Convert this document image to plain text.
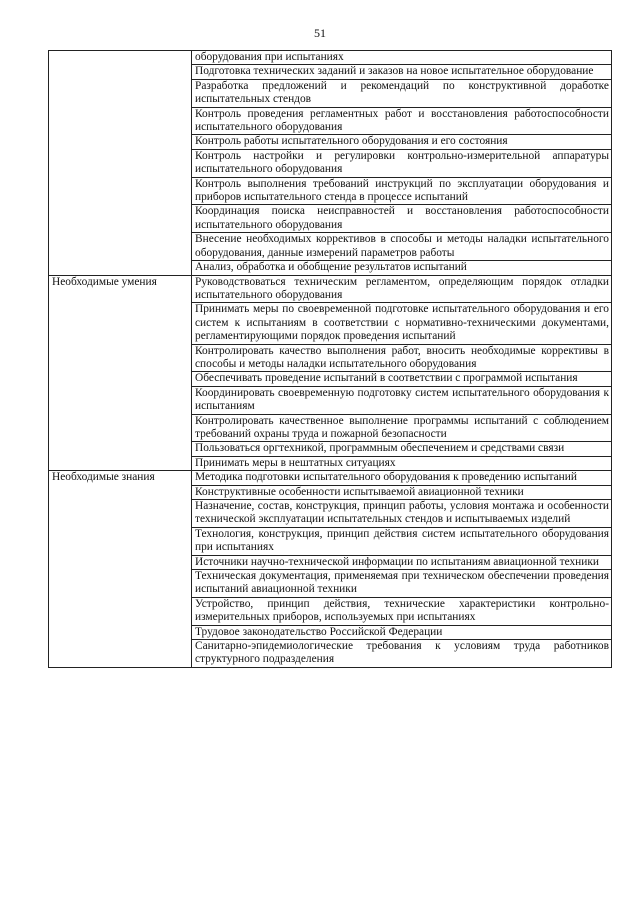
51
	оборудования при испытаниях
	Подготовка технических заданий и заказов на новое испытательное оборудование
	Разработка предложений и рекомендаций по конструктивной доработке испытательных стендов
	Контроль проведения регламентных работ и восстановления работоспособности испытательного оборудования
	Контроль работы испытательного оборудования и его состояния
	Контроль настройки и регулировки контрольно-измерительной аппаратуры испытательного оборудования
	Контроль выполнения требований инструкций по эксплуатации оборудования и приборов испытательного стенда в процессе испытаний
	Координация поиска неисправностей и восстановления работоспособности испытательного оборудования
	Внесение необходимых коррективов в способы и методы наладки испытательного оборудования, данные измерений параметров работы
	Анализ, обработка и обобщение результатов испытаний
Необходимые умения	Руководствоваться техническим регламентом, определяющим порядок отладки испытательного оборудования
	Принимать меры по своевременной подготовке испытательного оборудования и его систем к испытаниям в соответствии с нормативно-техническими документами, регламентирующими порядок проведения испытаний
	Контролировать качество выполнения работ, вносить необходимые коррективы в способы и методы наладки испытательного оборудования
	Обеспечивать проведение испытаний в соответствии с программой испытания
	Координировать своевременную подготовку систем испытательного оборудования к испытаниям
	Контролировать качественное выполнение программы испытаний с соблюдением требований охраны труда и пожарной безопасности
	Пользоваться оргтехникой, программным обеспечением и средствами связи
	Принимать меры в нештатных ситуациях
Необходимые знания	Методика подготовки испытательного оборудования к проведению испытаний
	Конструктивные особенности испытываемой авиационной техники
	Назначение, состав, конструкция, принцип работы, условия монтажа и особенности технической эксплуатации испытательных стендов и испытываемых изделий
	Технология, конструкция, принцип действия систем испытательного оборудования при испытаниях
	Источники научно-технической информации по испытаниям авиационной техники
	Техническая документация, применяемая при техническом обеспечении проведения испытаний авиационной техники
	Устройство, принцип действия, технические характеристики контрольно-измерительных приборов, используемых при испытаниях
	Трудовое законодательство Российской Федерации
	Санитарно-эпидемиологические требования к условиям труда работников структурного подразделения
